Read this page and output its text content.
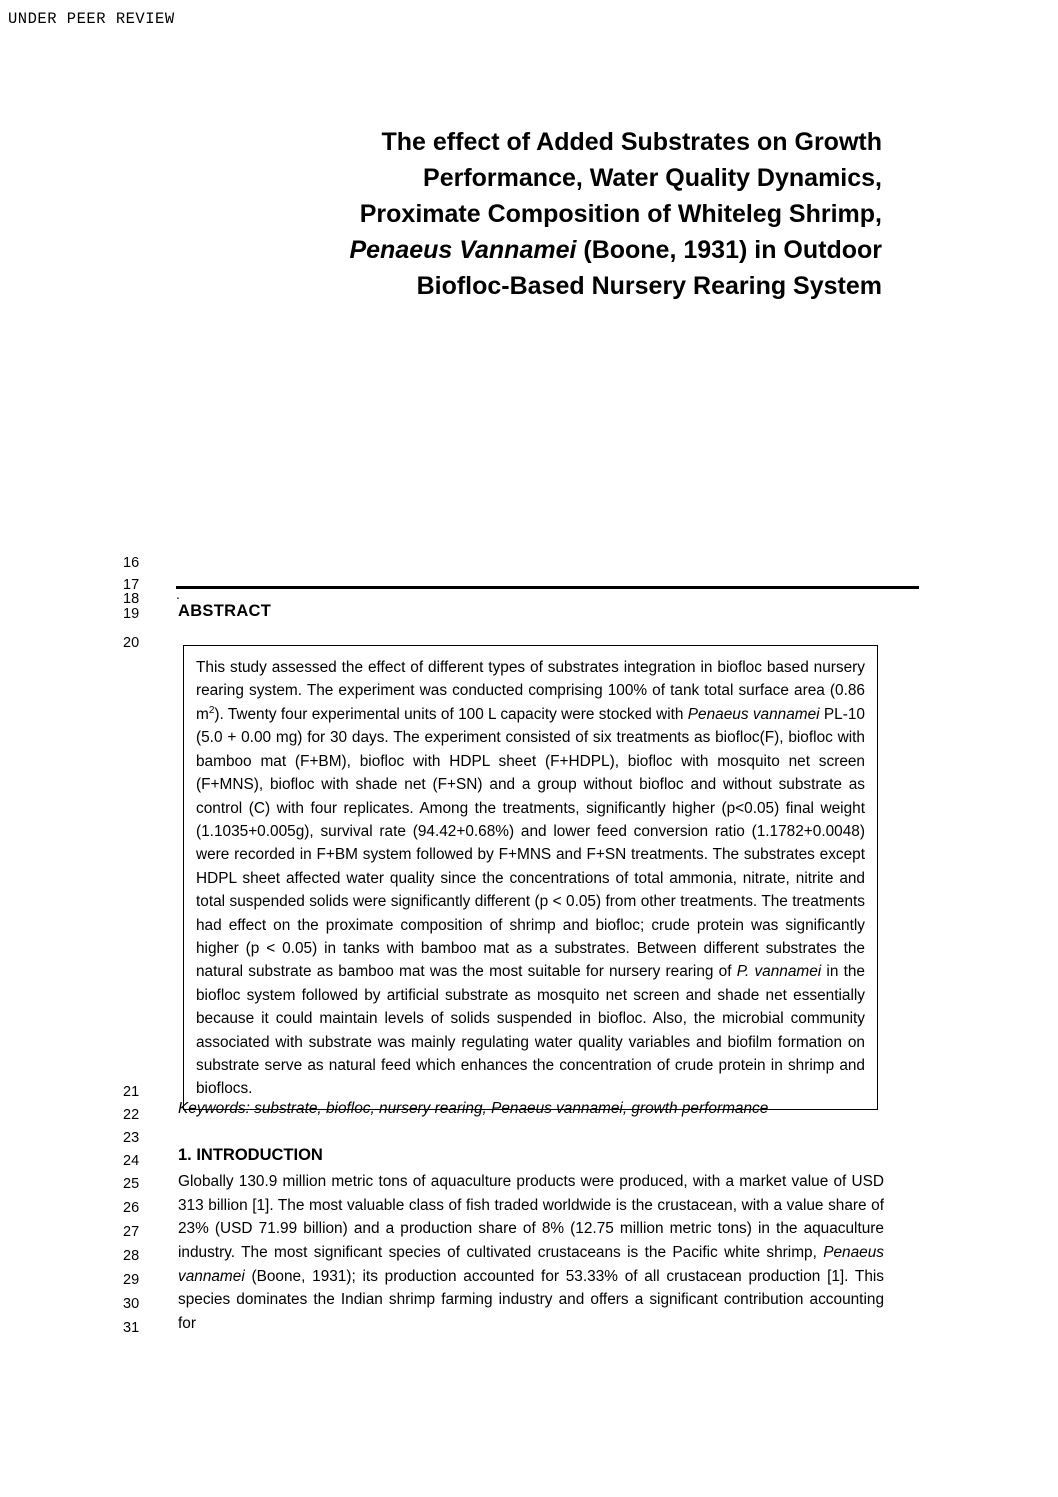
UNDER PEER REVIEW
The effect of Added Substrates on Growth
Performance, Water Quality Dynamics,
Proximate Composition of Whiteleg Shrimp,
Penaeus Vannamei (Boone, 1931) in Outdoor
Biofloc-Based Nursery Rearing System
16
17
18
19
20
21
22
23
24
25
26
27
28
29
30
31
.
ABSTRACT
This study assessed the effect of different types of substrates integration in biofloc based nursery rearing system. The experiment was conducted comprising 100% of tank total surface area (0.86 $m^2$). Twenty four experimental units of 100 L capacity were stocked with Penaeus vannamei PL-10 (5.0 + 0.00 mg) for 30 days. The experiment consisted of six treatments as biofloc(F), biofloc with bamboo mat (F+BM), biofloc with HDPL sheet (F+HDPL), biofloc with mosquito net screen (F+MNS), biofloc with shade net (F+SN) and a group without biofloc and without substrate as control (C) with four replicates. Among the treatments, significantly higher (p<0.05) final weight (1.1035+0.005g), survival rate (94.42+0.68%) and lower feed conversion ratio (1.1782+0.0048) were recorded in F+BM system followed by F+MNS and F+SN treatments. The substrates except HDPL sheet affected water quality since the concentrations of total ammonia, nitrate, nitrite and total suspended solids were significantly different (p < 0.05) from other treatments. The treatments had effect on the proximate composition of shrimp and biofloc; crude protein was significantly higher (p < 0.05) in tanks with bamboo mat as a substrates. Between different substrates the natural substrate as bamboo mat was the most suitable for nursery rearing of P. vannamei in the biofloc system followed by artificial substrate as mosquito net screen and shade net essentially because it could maintain levels of solids suspended in biofloc. Also, the microbial community associated with substrate was mainly regulating water quality variables and biofilm formation on substrate serve as natural feed which enhances the concentration of crude protein in shrimp and bioflocs.
Keywords: substrate, biofloc, nursery rearing, Penaeus vannamei, growth performance
1. INTRODUCTION
Globally 130.9 million metric tons of aquaculture products were produced, with a market value of USD 313 billion [1]. The most valuable class of fish traded worldwide is the crustacean, with a value share of 23% (USD 71.99 billion) and a production share of 8% (12.75 million metric tons) in the aquaculture industry. The most significant species of cultivated crustaceans is the Pacific white shrimp, Penaeus vannamei (Boone, 1931); its production accounted for 53.33% of all crustacean production [1]. This species dominates the Indian shrimp farming industry and offers a significant contribution accounting for
